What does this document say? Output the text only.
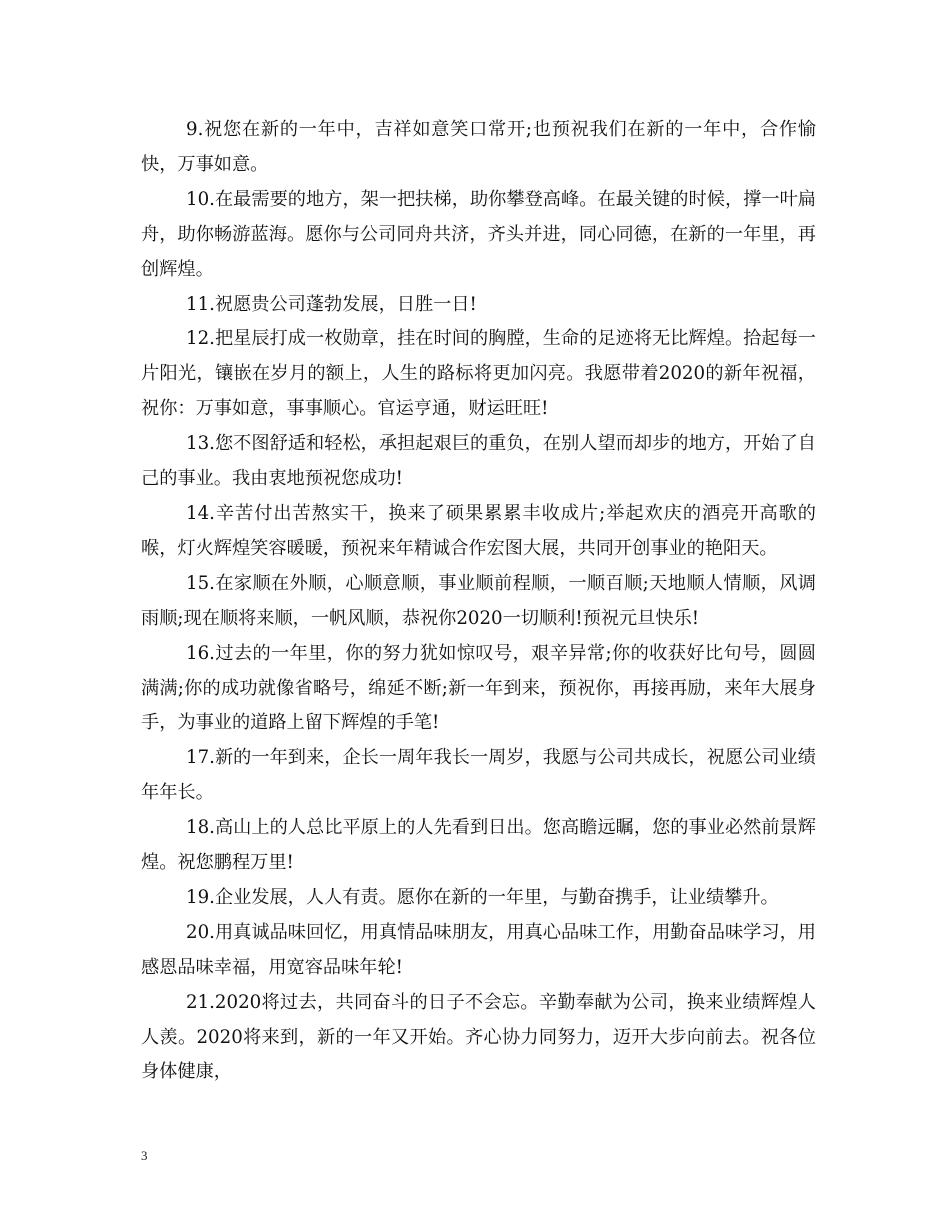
9.祝您在新的一年中，吉祥如意笑口常开;也预祝我们在新的一年中，合作愉快，万事如意。

10.在最需要的地方，架一把扶梯，助你攀登高峰。在最关键的时候，撑一叶扁舟，助你畅游蓝海。愿你与公司同舟共济，齐头并进，同心同德，在新的一年里，再创辉煌。

11.祝愿贵公司蓬勃发展，日胜一日!

12.把星辰打成一枚勋章，挂在时间的胸膛，生命的足迹将无比辉煌。拾起每一片阳光，镶嵌在岁月的额上，人生的路标将更加闪亮。我愿带着2020的新年祝福，祝你：万事如意，事事顺心。官运亨通，财运旺旺!

13.您不图舒适和轻松，承担起艰巨的重负，在别人望而却步的地方，开始了自己的事业。我由衷地预祝您成功!

14.辛苦付出苦熬实干，换来了硕果累累丰收成片;举起欢庆的酒亮开高歌的喉，灯火辉煌笑容暖暖，预祝来年精诚合作宏图大展，共同开创事业的艳阳天。

15.在家顺在外顺，心顺意顺，事业顺前程顺，一顺百顺;天地顺人情顺，风调雨顺;现在顺将来顺，一帆风顺，恭祝你2020一切顺利!预祝元旦快乐!

16.过去的一年里，你的努力犹如惊叹号，艰辛异常;你的收获好比句号，圆圆满满;你的成功就像省略号，绵延不断;新一年到来，预祝你，再接再励，来年大展身手，为事业的道路上留下辉煌的手笔!

17.新的一年到来，企长一周年我长一周岁，我愿与公司共成长，祝愿公司业绩年年长。

18.高山上的人总比平原上的人先看到日出。您高瞻远瞩，您的事业必然前景辉煌。祝您鹏程万里!

19.企业发展，人人有责。愿你在新的一年里，与勤奋携手，让业绩攀升。

20.用真诚品味回忆，用真情品味朋友，用真心品味工作，用勤奋品味学习，用感恩品味幸福，用宽容品味年轮!

21.2020将过去，共同奋斗的日子不会忘。辛勤奉献为公司，换来业绩辉煌人人羡。2020将来到，新的一年又开始。齐心协力同努力，迈开大步向前去。祝各位身体健康，

3
